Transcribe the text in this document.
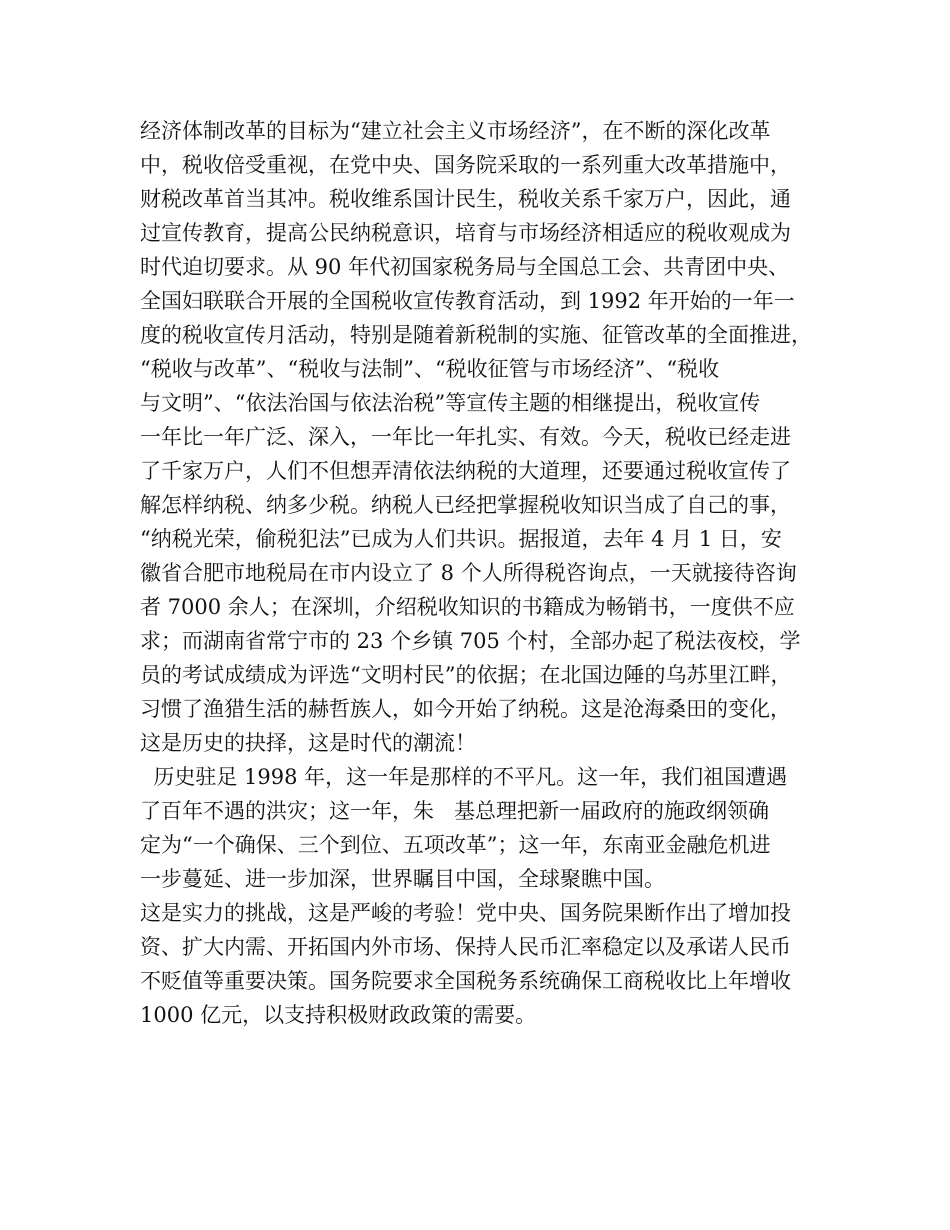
经济体制改革的目标为“建立社会主义市场经济”，在不断的深化改革
中，税收倍受重视，在党中央、国务院采取的一系列重大改革措施中，
财税改革首当其冲。税收维系国计民生，税收关系千家万户，因此，通
过宣传教育，提高公民纳税意识，培育与市场经济相适应的税收观成为
时代迫切要求。从 90 年代初国家税务局与全国总工会、共青团中央、
全国妇联联合开展的全国税收宣传教育活动，到 1992 年开始的一年一
度的税收宣传月活动，特别是随着新税制的实施、征管改革的全面推进，
“税收与改革”、“税收与法制”、“税收征管与市场经济”、“税收
与文明”、“依法治国与依法治税”等宣传主题的相继提出，税收宣传
一年比一年广泛、深入，一年比一年扎实、有效。今天，税收已经走进
了千家万户，人们不但想弄清依法纳税的大道理，还要通过税收宣传了
解怎样纳税、纳多少税。纳税人已经把掌握税收知识当成了自己的事，
“纳税光荣，偷税犯法”已成为人们共识。据报道，去年 4 月 1 日，安
徽省合肥市地税局在市内设立了 8 个人所得税咨询点，一天就接待咨询
者 7000 余人；在深圳，介绍税收知识的书籍成为畅销书，一度供不应
求；而湖南省常宁市的 23 个乡镇 705 个村，全部办起了税法夜校，学
员的考试成绩成为评选“文明村民”的依据；在北国边陲的乌苏里江畔，
习惯了渔猎生活的赫哲族人，如今开始了纳税。这是沧海桑田的变化，
这是历史的抉择，这是时代的潮流！
历史驻足 1998 年，这一年是那样的不平凡。这一年，我们祖国遭遇
了百年不遇的洪灾；这一年，朱   基总理把新一届政府的施政纲领确
定为“一个确保、三个到位、五项改革”；这一年，东南亚金融危机进
一步蔓延、进一步加深，世界瞩目中国，全球聚瞧中国。
这是实力的挑战，这是严峻的考验！党中央、国务院果断作出了增加投
资、扩大内需、开拓国内外市场、保持人民币汇率稳定以及承诺人民币
不贬值等重要决策。国务院要求全国税务系统确保工商税收比上年增收
1000 亿元，以支持积极财政政策的需要。
